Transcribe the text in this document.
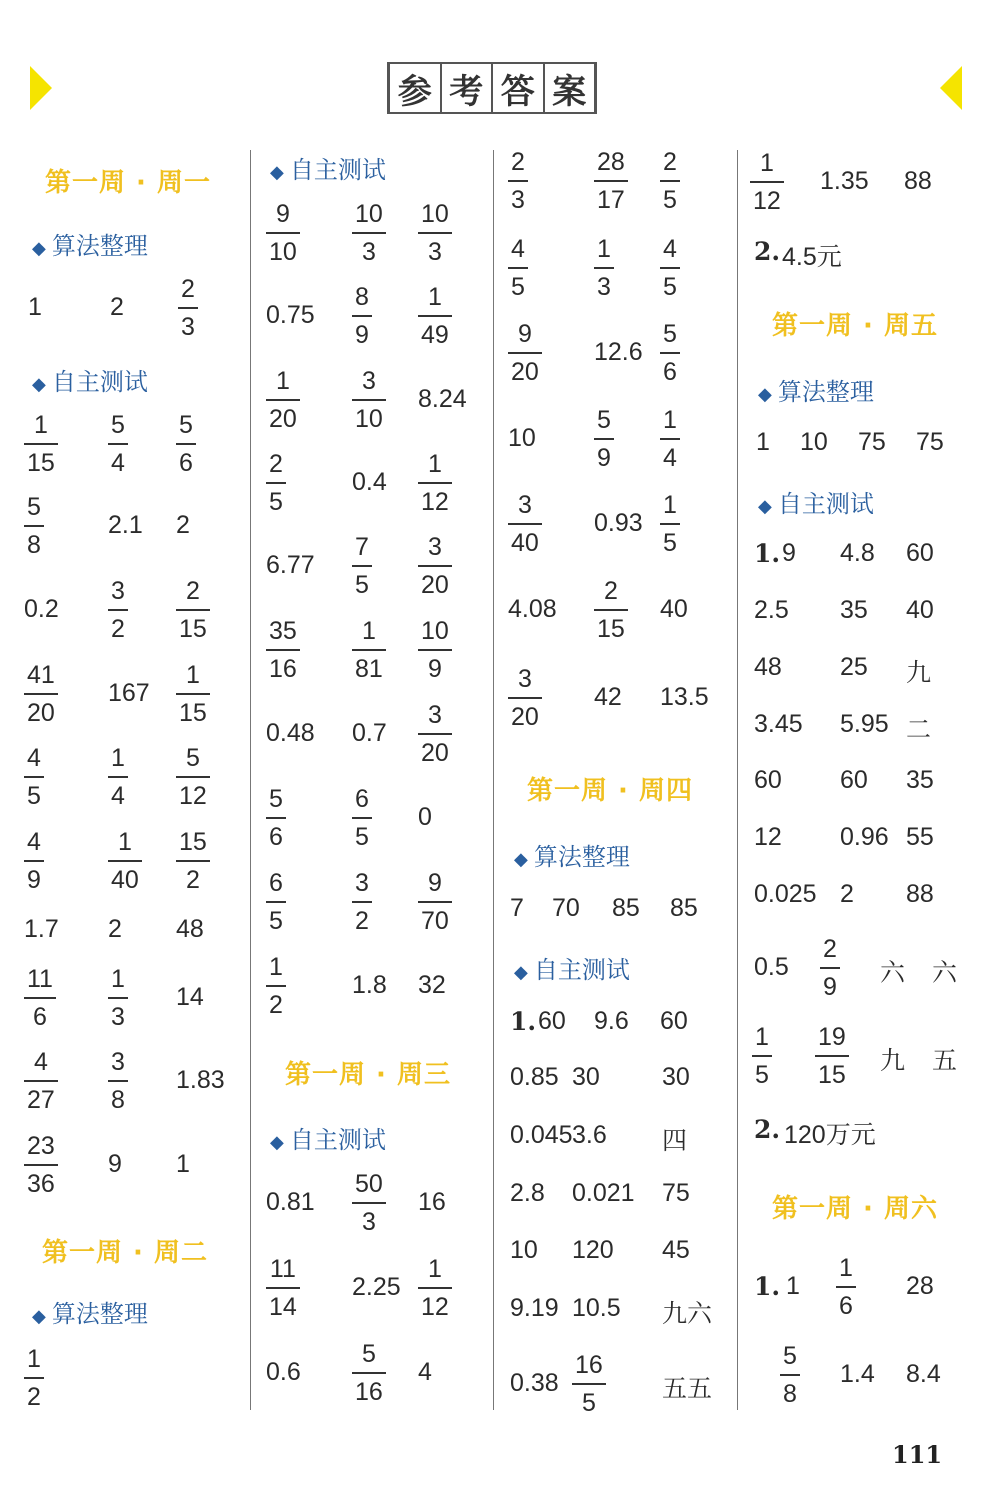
参 考 答 案
第一周 · 周一
◆ 算法整理
1	2
2
3
◆ 自主测试
1
15
5
4
5
6
5
8
2.1 2
0.2
3
2
2
15
41
20
167
1
15
4
5
1
4
5
12
4
9
1
40
15
2
1.7 2 48
11
6
1
3
14
4
27
3
8
1.83
23
36
9 1
第一周 · 周二
◆ 算法整理
1
2
◆ 自主测试
9
10
10
3
10
3
0.75
8
9
1
49
1
20
3
10
8.24
2
5
0.4
1
12
6.77
7
5
3
20
35
16
1
81
10
9
0.48 0.7
3
20
5
6
6
5
0
6
5
3
2
9
70
1
2
1.8 32
第一周 · 周三
◆ 自主测试
0.81
50
3
16
11
14
2.25
1
12
0.6
5
16
4
2
3
28
17
2
5
4
5
1
3
4
5
9
20
12.6
5
6
10
5
9
1
4
3
40
0.93
1
5
4.08
2
15
40
3
20
42 13.5
第一周 · 周四
◆ 算法整理
7 70 85 85
◆ 自主测试
1. 60 9.6 60
0.85 30 30
0.045 3.6 四
2.8 0.021 75
10 120 45
9.19 10.5 九六
0.38
16
5	五五
1
12
1.35 88
2. 4.5元
第一周 · 周五
◆ 算法整理
1 10 75 75
◆ 自主测试
1. 9 4.8 60
2.5 35 40
48 25 九
3.45 5.95 二
60 60 35
12 0.96 55
0.025 2 88
0.5
2
9 六 六
1
5
19
15 九 五
2. 120万元
第一周 · 周六
1. 1
1
6
28
5
8
1.4 8.4
111
